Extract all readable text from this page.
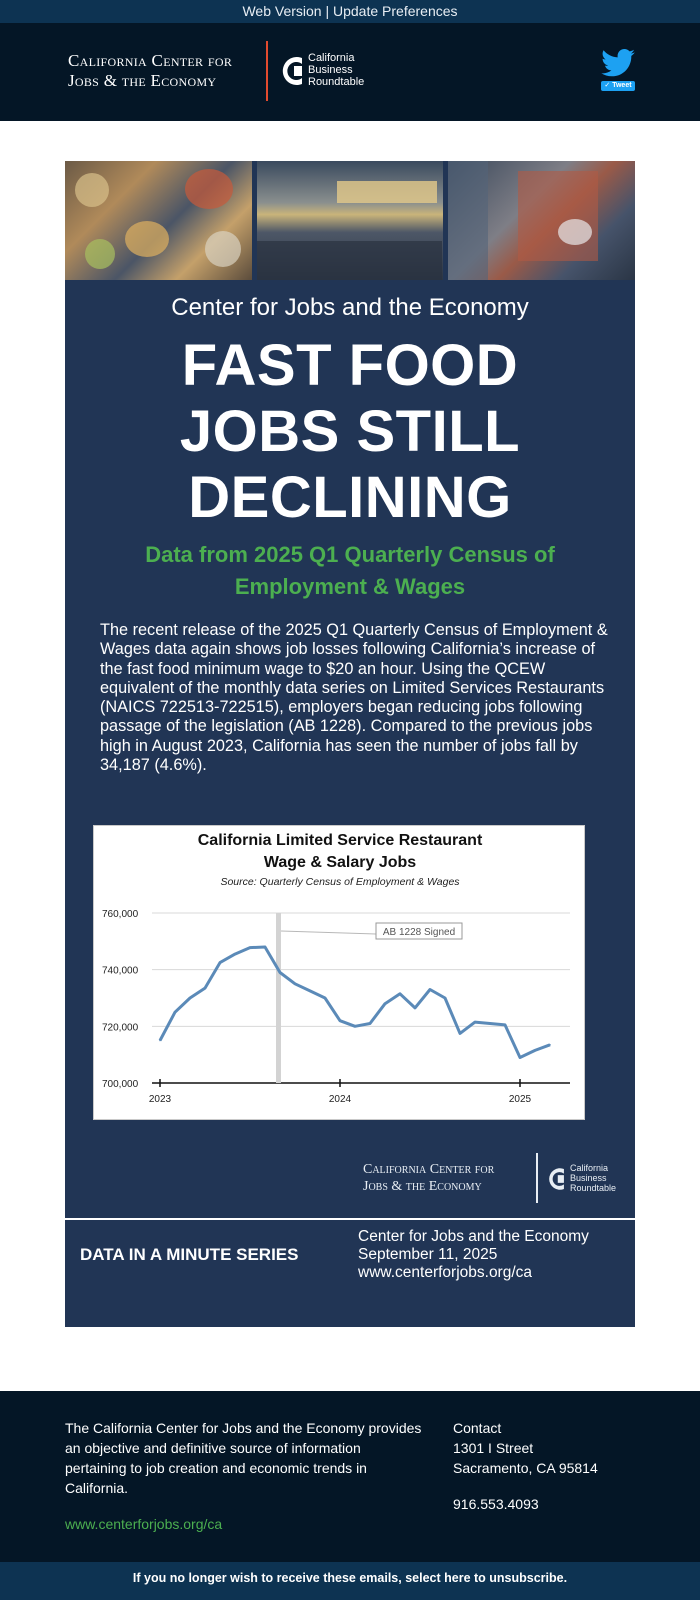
Web Version | Update Preferences
California Center for
Jobs & the Economy
California
Business
Roundtable	✓ Tweet
Center for Jobs and the Economy
FAST FOOD
JOBS STILL
DECLINING
Data from 2025 Q1 Quarterly Census of Employment & Wages
The recent release of the 2025 Q1 Quarterly Census of Employment & Wages data again shows job losses following California’s increase of the fast food minimum wage to $20 an hour. Using the QCEW equivalent of the monthly data series on Limited Services Restaurants (NAICS 722513-722515), employers began reducing jobs following passage of the legislation (AB 1228). Compared to the previous jobs high in August 2023, California has seen the number of jobs fall by 34,187 (4.6%).
California Limited Service Restaurant
Wage & Salary Jobs
Source: Quarterly Census of Employment & Wages
760,000
740,000
720,000
700,000
2023	2024	2025
AB 1228 Signed
California Center for
Jobs & the Economy
California
Business
Roundtable
DATA IN A MINUTE SERIES
Center for Jobs and the Economy
September 11, 2025
www.centerforjobs.org/ca
The California Center for Jobs and the Economy provides an objective and definitive source of information pertaining to job creation and economic trends in California.
www.centerforjobs.org/ca
Contact
1301 I Street
Sacramento, CA 95814
916.553.4093
If you no longer wish to receive these emails, select here to unsubscribe.
